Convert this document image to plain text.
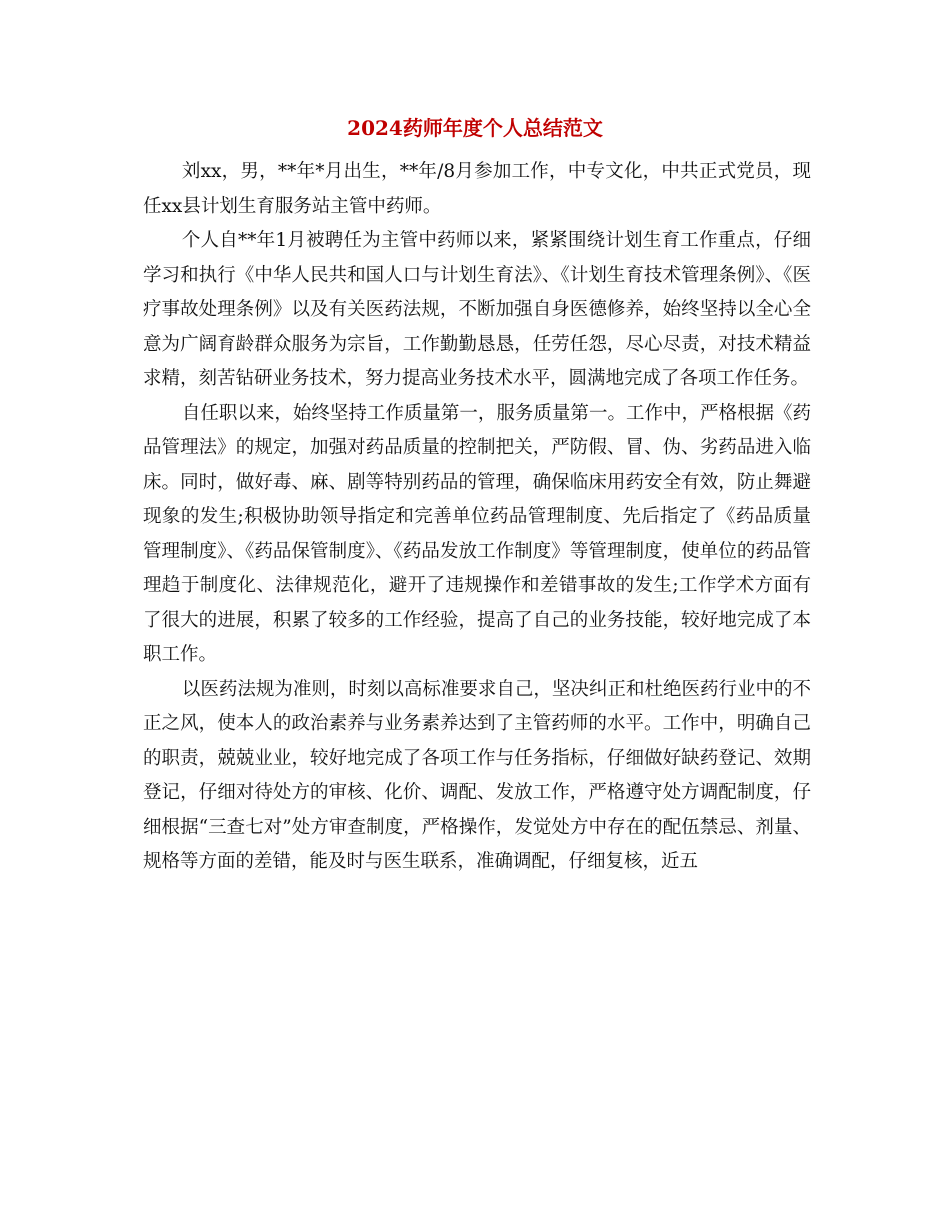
2024药师年度个人总结范文

刘xx，男，**年*月出生，**年/8月参加工作，中专文化，中共正式党员，现任xx县计划生育服务站主管中药师。

个人自**年1月被聘任为主管中药师以来，紧紧围绕计划生育工作重点，仔细学习和执行《中华人民共和国人口与计划生育法》、《计划生育技术管理条例》、《医疗事故处理条例》以及有关医药法规，不断加强自身医德修养，始终坚持以全心全意为广阔育龄群众服务为宗旨，工作勤勤恳恳，任劳任怨，尽心尽责，对技术精益求精，刻苦钻研业务技术，努力提高业务技术水平，圆满地完成了各项工作任务。

自任职以来，始终坚持工作质量第一，服务质量第一。工作中，严格根据《药品管理法》的规定，加强对药品质量的控制把关，严防假、冒、伪、劣药品进入临床。同时，做好毒、麻、剧等特别药品的管理，确保临床用药安全有效，防止舞避现象的发生;积极协助领导指定和完善单位药品管理制度、先后指定了《药品质量管理制度》、《药品保管制度》、《药品发放工作制度》等管理制度，使单位的药品管理趋于制度化、法律规范化，避开了违规操作和差错事故的发生;工作学术方面有了很大的进展，积累了较多的工作经验，提高了自己的业务技能，较好地完成了本职工作。

以医药法规为准则，时刻以高标准要求自己，坚决纠正和杜绝医药行业中的不正之风，使本人的政治素养与业务素养达到了主管药师的水平。工作中，明确自己的职责，兢兢业业，较好地完成了各项工作与任务指标，仔细做好缺药登记、效期登记，仔细对待处方的审核、化价、调配、发放工作，严格遵守处方调配制度，仔细根据“三查七对”处方审查制度，严格操作，发觉处方中存在的配伍禁忌、剂量、规格等方面的差错，能及时与医生联系，准确调配，仔细复核，近五
